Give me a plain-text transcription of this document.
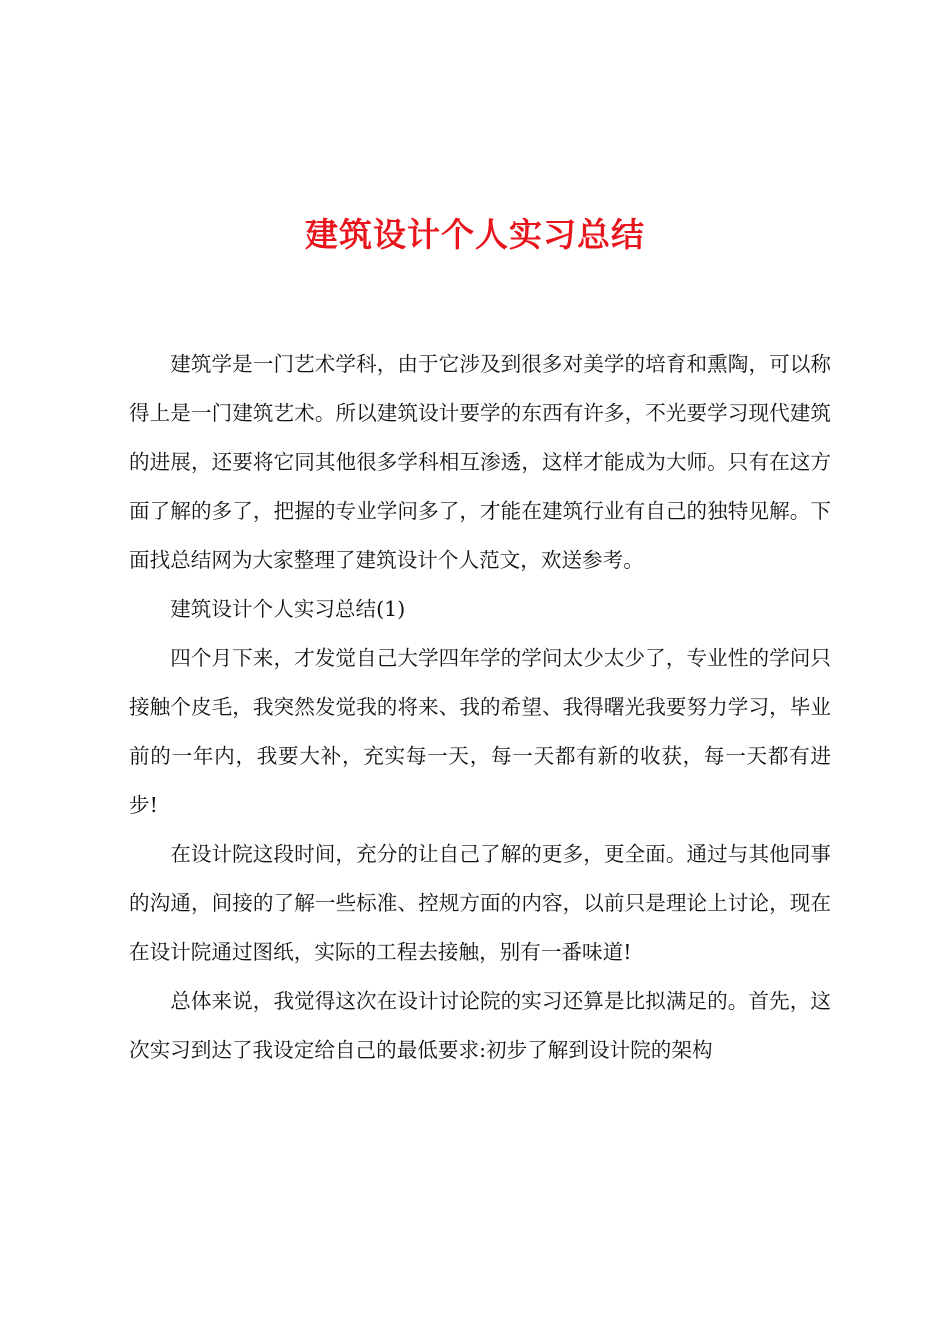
建筑设计个人实习总结

建筑学是一门艺术学科，由于它涉及到很多对美学的培育和熏陶，可以称得上是一门建筑艺术。所以建筑设计要学的东西有许多，不光要学习现代建筑的进展，还要将它同其他很多学科相互渗透，这样才能成为大师。只有在这方面了解的多了，把握的专业学问多了，才能在建筑行业有自己的独特见解。下面找总结网为大家整理了建筑设计个人范文，欢送参考。

建筑设计个人实习总结(1)

四个月下来，才发觉自己大学四年学的学问太少太少了，专业性的学问只接触个皮毛，我突然发觉我的将来、我的希望、我得曙光我要努力学习，毕业前的一年内，我要大补，充实每一天，每一天都有新的收获，每一天都有进步!

在设计院这段时间，充分的让自己了解的更多，更全面。通过与其他同事的沟通，间接的了解一些标准、控规方面的内容，以前只是理论上讨论，现在在设计院通过图纸，实际的工程去接触，别有一番味道!

总体来说，我觉得这次在设计讨论院的实习还算是比拟满足的。首先，这次实习到达了我设定给自己的最低要求:初步了解到设计院的架构
